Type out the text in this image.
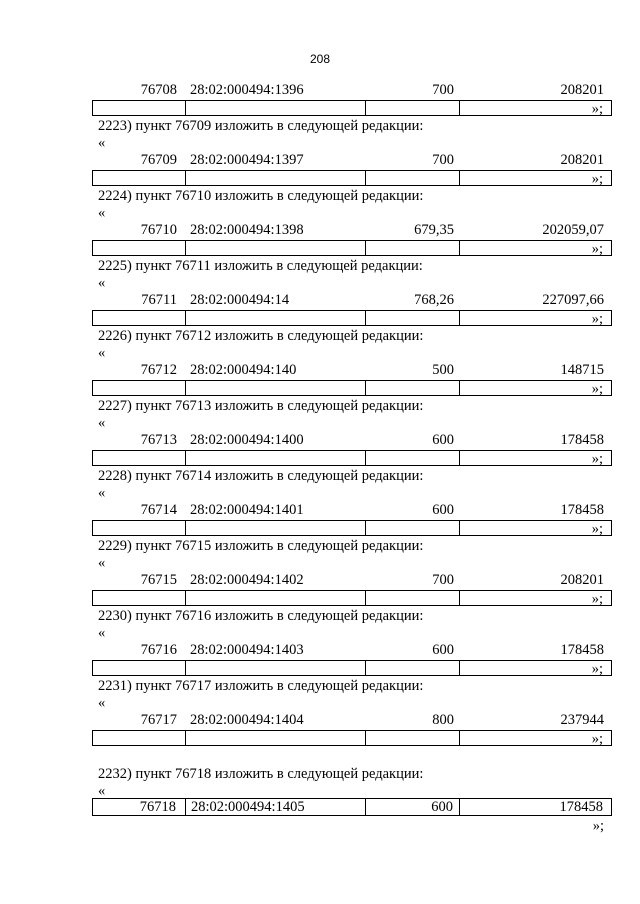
208
76708 28:02:000494:1396	700	208201
»;
2223) пункт 76709 изложить в следующей редакции:
«
76709 28:02:000494:1397	700	208201
»;
2224) пункт 76710 изложить в следующей редакции:
«
76710 28:02:000494:1398	679,35	202059,07
»;
2225) пункт 76711 изложить в следующей редакции:
«
76711 28:02:000494:14	768,26	227097,66
»;
2226) пункт 76712 изложить в следующей редакции:
«
76712 28:02:000494:140	500	148715
»;
2227) пункт 76713 изложить в следующей редакции:
«
76713 28:02:000494:1400	600	178458
»;
2228) пункт 76714 изложить в следующей редакции:
«
76714 28:02:000494:1401	600	178458
»;
2229) пункт 76715 изложить в следующей редакции:
«
76715 28:02:000494:1402	700	208201
»;
2230) пункт 76716 изложить в следующей редакции:
«
76716 28:02:000494:1403	600	178458
»;
2231) пункт 76717 изложить в следующей редакции:
«
76717 28:02:000494:1404	800	237944
»;
2232) пункт 76718 изложить в следующей редакции:
«
76718 28:02:000494:1405	600	178458
»;
